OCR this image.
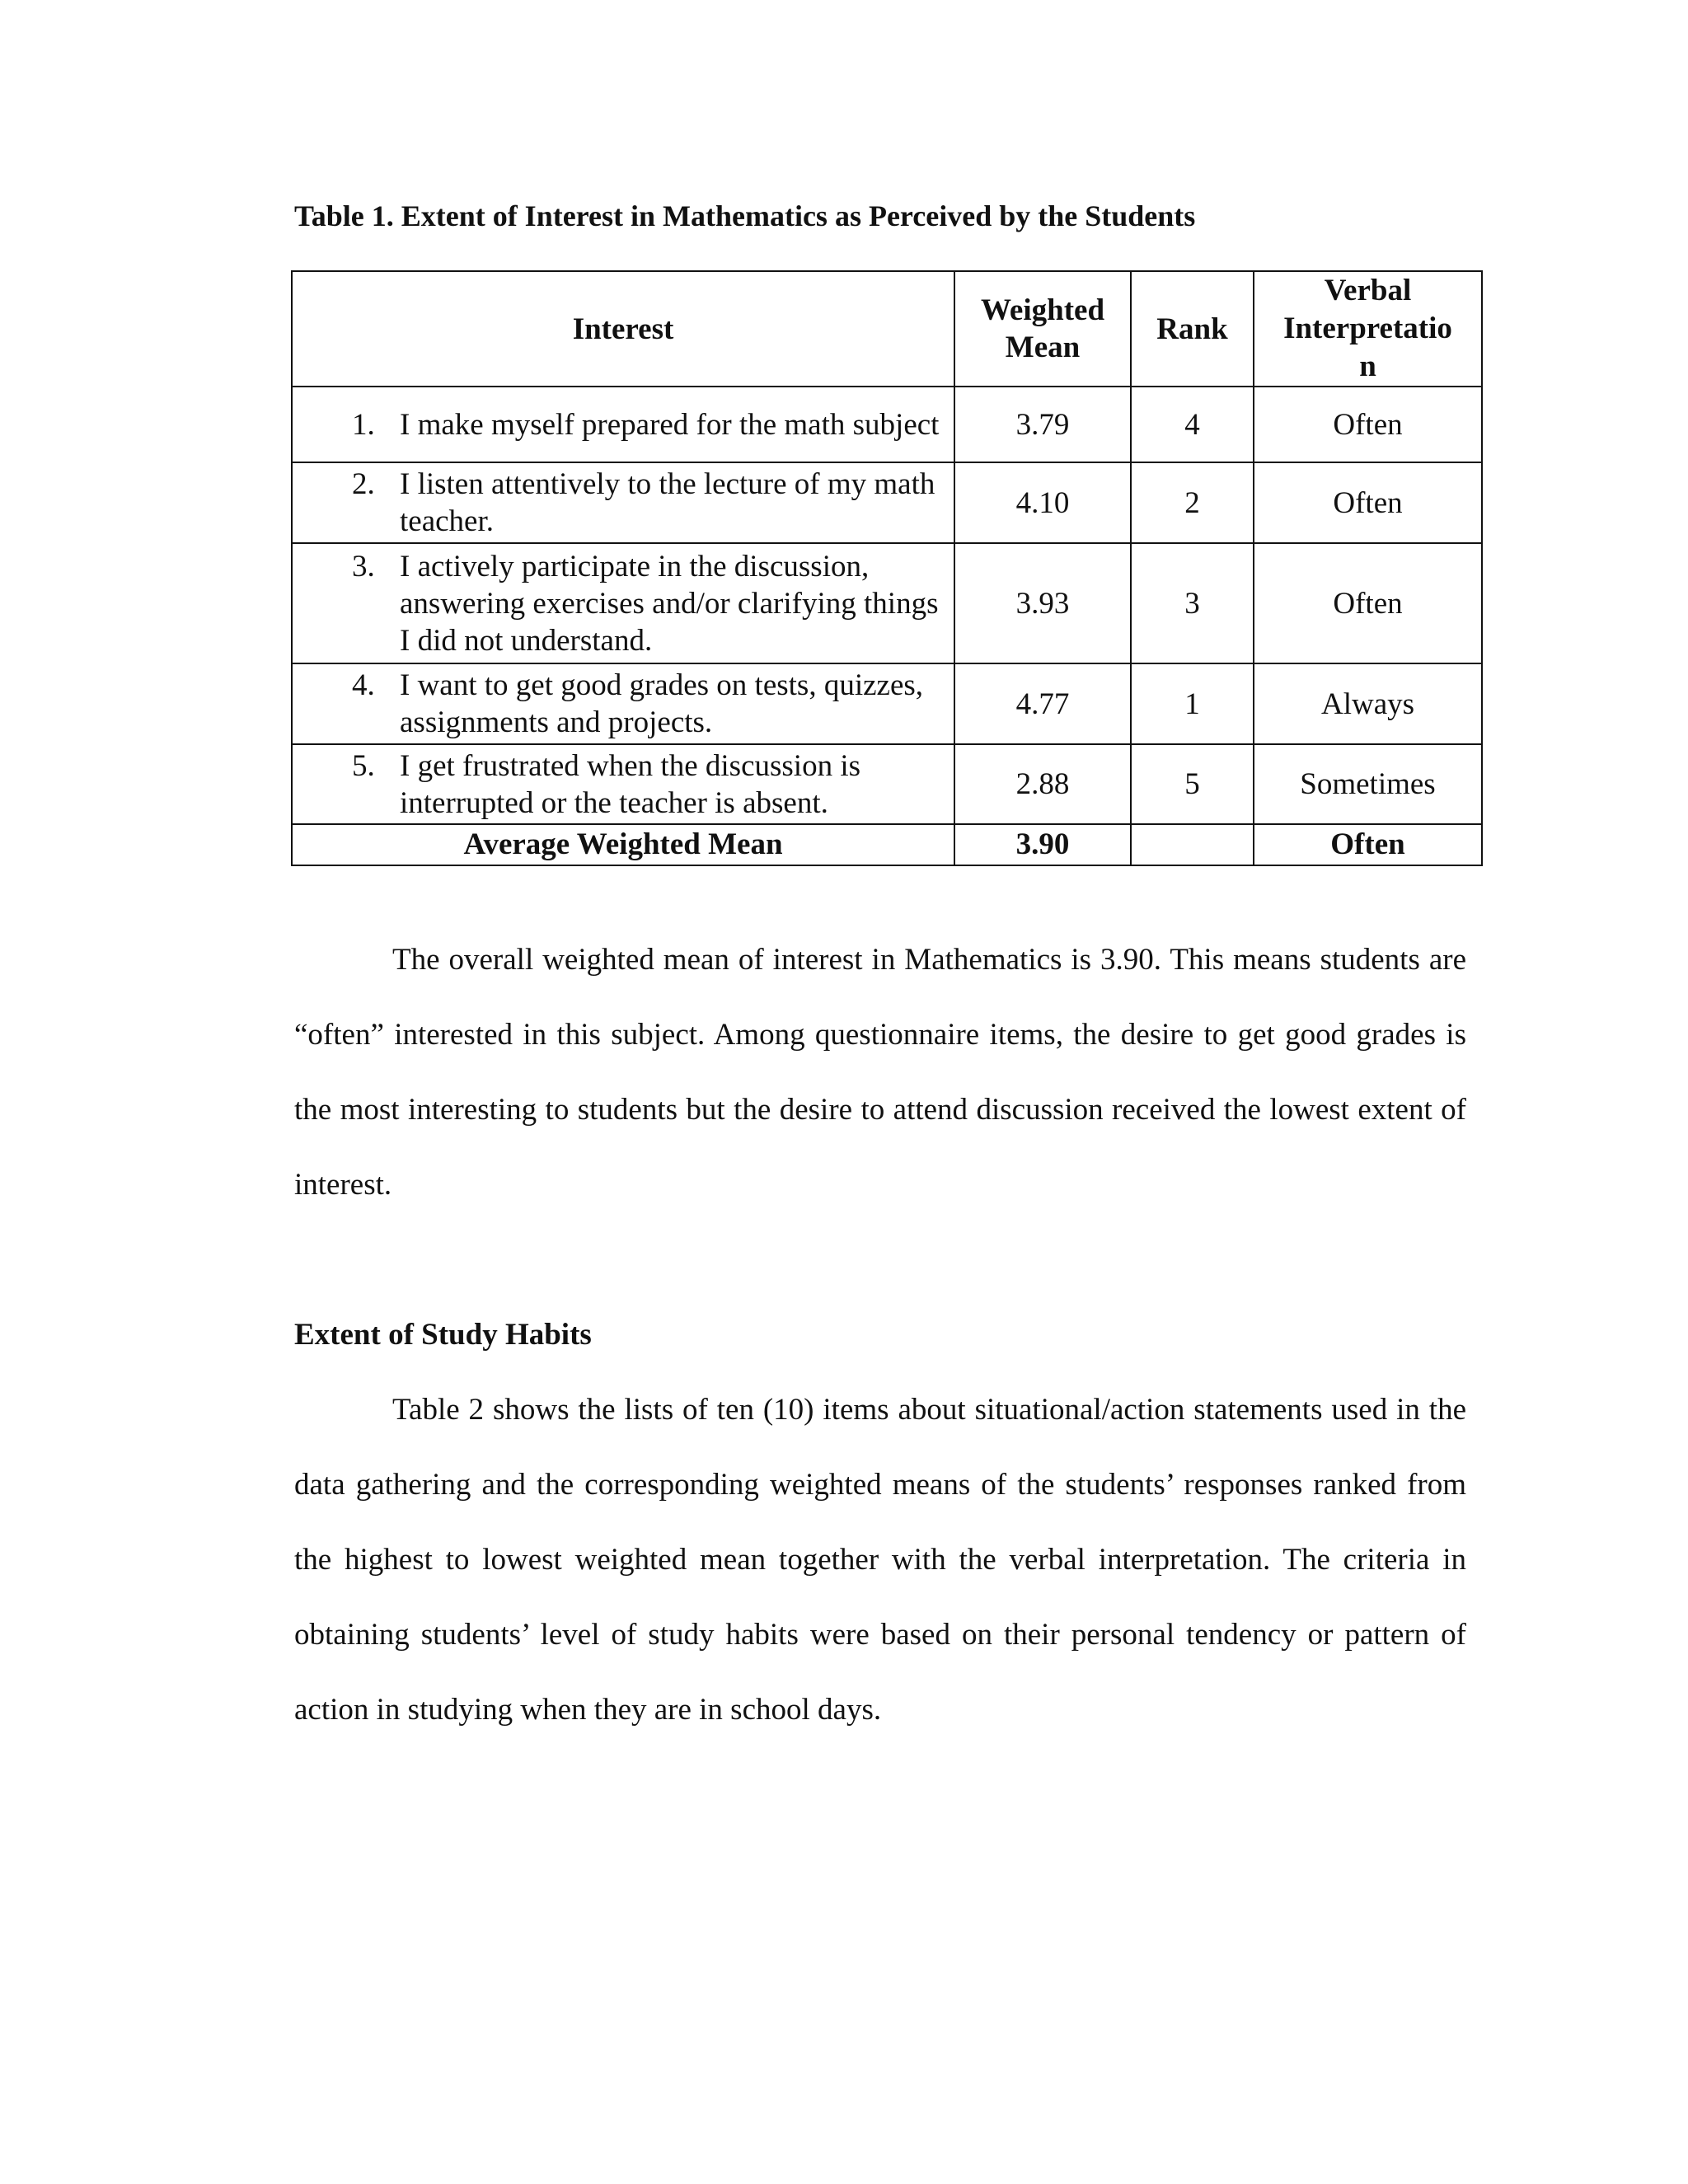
Table 1. Extent of Interest in Mathematics as Perceived by the Students

Interest	Weighted Mean	Rank	Verbal
Interpretatio
n

1. I make myself prepared for the math subject	3.79	4	Often

2. I listen attentively to the lecture of my math teacher.	4.10	2	Often

3. I actively participate in the discussion, answering exercises and/or clarifying things I did not understand.	3.93	3	Often

4. I want to get good grades on tests, quizzes, assignments and projects.	4.77	1	Always

5. I get frustrated when the discussion is interrupted or the teacher is absent.	2.88	5	Sometimes
Average Weighted Mean	3.90		Often

The overall weighted mean of interest in Mathematics is 3.90. This means students are “often” interested in this subject. Among questionnaire items, the desire to get good grades is the most interesting to students but the desire to attend discussion received the lowest extent of interest.

Extent of Study Habits

Table 2 shows the lists of ten (10) items about situational/action statements used in the data gathering and the corresponding weighted means of the students’ responses ranked from the highest to lowest weighted mean together with the verbal interpretation. The criteria in obtaining students’ level of study habits were based on their personal tendency or pattern of action in studying when they are in school days.
